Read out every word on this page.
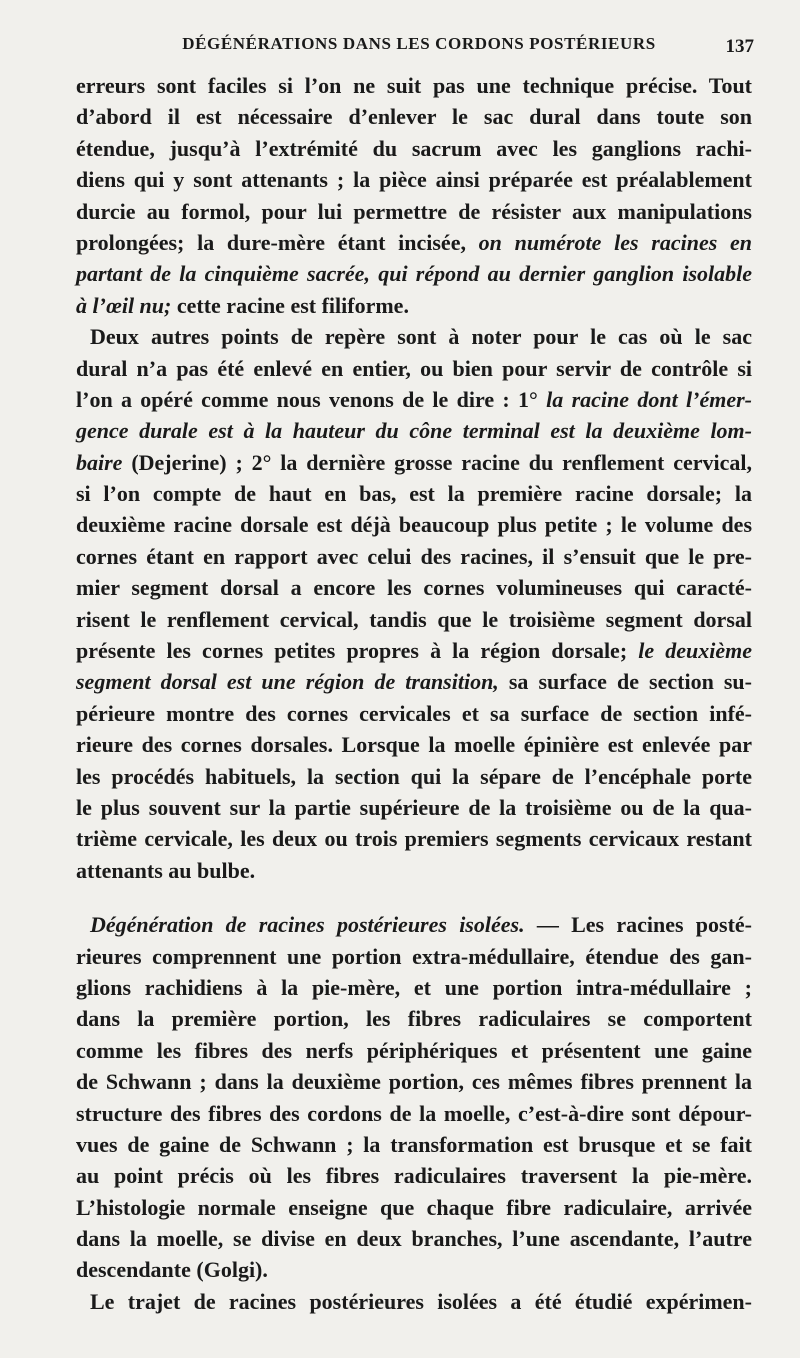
DÉGÉNÉRATIONS DANS LES CORDONS POSTÉRIEURS	137
erreurs sont faciles si l’on ne suit pas une technique précise. Tout
d’abord il est nécessaire d’enlever le sac dural dans toute son
étendue, jusqu’à l’extrémité du sacrum avec les ganglions rachi-
diens qui y sont attenants ; la pièce ainsi préparée est préalablement
durcie au formol, pour lui permettre de résister aux manipulations
prolongées; la dure-mère étant incisée, on numérote les racines en
partant de la cinquième sacrée, qui répond au dernier ganglion isolable
à l’œil nu; cette racine est filiforme.
Deux autres points de repère sont à noter pour le cas où le sac
dural n’a pas été enlevé en entier, ou bien pour servir de contrôle si
l’on a opéré comme nous venons de le dire : 1° la racine dont l’émer-
gence durale est à la hauteur du cône terminal est la deuxième lom-
baire (Dejerine) ; 2° la dernière grosse racine du renflement cervical,
si l’on compte de haut en bas, est la première racine dorsale; la
deuxième racine dorsale est déjà beaucoup plus petite ; le volume des
cornes étant en rapport avec celui des racines, il s’ensuit que le pre-
mier segment dorsal a encore les cornes volumineuses qui caracté-
risent le renflement cervical, tandis que le troisième segment dorsal
présente les cornes petites propres à la région dorsale; le deuxième
segment dorsal est une région de transition, sa surface de section su-
périeure montre des cornes cervicales et sa surface de section infé-
rieure des cornes dorsales. Lorsque la moelle épinière est enlevée par
les procédés habituels, la section qui la sépare de l’encéphale porte
le plus souvent sur la partie supérieure de la troisième ou de la qua-
trième cervicale, les deux ou trois premiers segments cervicaux restant
attenants au bulbe.
Dégénération de racines postérieures isolées. — Les racines posté-
rieures comprennent une portion extra-médullaire, étendue des gan-
glions rachidiens à la pie-mère, et une portion intra-médullaire ;
dans la première portion, les fibres radiculaires se comportent
comme les fibres des nerfs périphériques et présentent une gaine
de Schwann ; dans la deuxième portion, ces mêmes fibres prennent la
structure des fibres des cordons de la moelle, c’est-à-dire sont dépour-
vues de gaine de Schwann ; la transformation est brusque et se fait
au point précis où les fibres radiculaires traversent la pie-mère.
L’histologie normale enseigne que chaque fibre radiculaire, arrivée
dans la moelle, se divise en deux branches, l’une ascendante, l’autre
descendante (Golgi).
Le trajet de racines postérieures isolées a été étudié expérimen-
